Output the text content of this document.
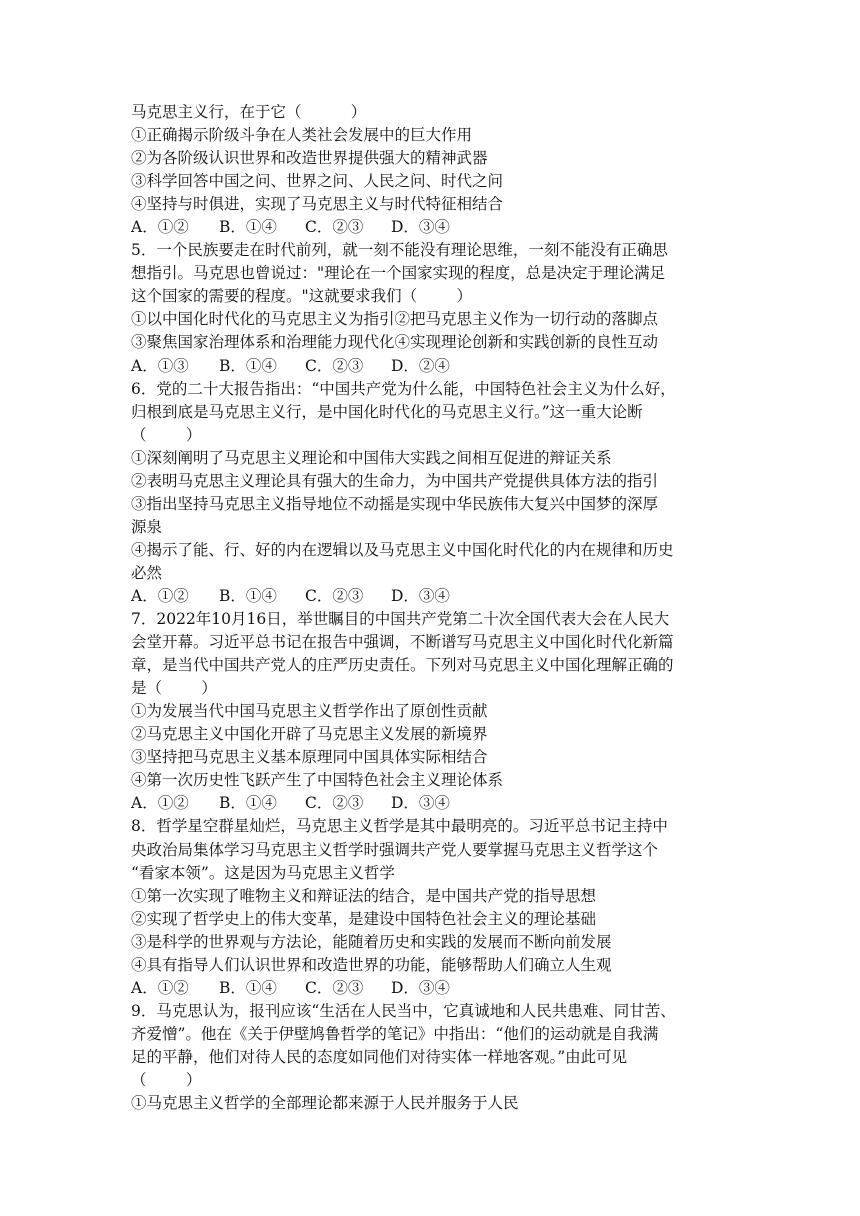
马克思主义行，在于它（          ）
①正确揭示阶级斗争在人类社会发展中的巨大作用
②为各阶级认识世界和改造世界提供强大的精神武器
③科学回答中国之问、世界之问、人民之问、时代之问
④坚持与时俱进，实现了马克思主义与时代特征相结合
A．①② B．①④ C．②③ D．③④
5．一个民族要走在时代前列，就一刻不能没有理论思维，一刻不能没有正确思
想指引。马克思也曾说过："理论在一个国家实现的程度，总是决定于理论满足
这个国家的需要的程度。"这就要求我们（        ）
①以中国化时代化的马克思主义为指引②把马克思主义作为一切行动的落脚点
③聚焦国家治理体系和治理能力现代化④实现理论创新和实践创新的良性互动
A．①③ B．①④ C．②③ D．②④
6．党的二十大报告指出：“中国共产党为什么能，中国特色社会主义为什么好，
归根到底是马克思主义行，是中国化时代化的马克思主义行。”这一重大论断
（        ）
①深刻阐明了马克思主义理论和中国伟大实践之间相互促进的辩证关系
②表明马克思主义理论具有强大的生命力，为中国共产党提供具体方法的指引
③指出坚持马克思主义指导地位不动摇是实现中华民族伟大复兴中国梦的深厚
源泉
④揭示了能、行、好的内在逻辑以及马克思主义中国化时代化的内在规律和历史
必然
A．①② B．①④ C．②③ D．③④
7．2022年10月16日，举世瞩目的中国共产党第二十次全国代表大会在人民大
会堂开幕。习近平总书记在报告中强调，不断谱写马克思主义中国化时代化新篇
章，是当代中国共产党人的庄严历史责任。下列对马克思主义中国化理解正确的
是（        ）
①为发展当代中国马克思主义哲学作出了原创性贡献
②马克思主义中国化开辟了马克思主义发展的新境界
③坚持把马克思主义基本原理同中国具体实际相结合
④第一次历史性飞跃产生了中国特色社会主义理论体系
A．①② B．①④ C．②③ D．③④
8．哲学星空群星灿烂，马克思主义哲学是其中最明亮的。习近平总书记主持中
央政治局集体学习马克思主义哲学时强调共产党人要掌握马克思主义哲学这个
“看家本领”。这是因为马克思主义哲学
①第一次实现了唯物主义和辩证法的结合，是中国共产党的指导思想
②实现了哲学史上的伟大变革，是建设中国特色社会主义的理论基础
③是科学的世界观与方法论，能随着历史和实践的发展而不断向前发展
④具有指导人们认识世界和改造世界的功能，能够帮助人们确立人生观
A．①② B．①④ C．②③ D．③④
9．马克思认为，报刊应该“生活在人民当中，它真诚地和人民共患难、同甘苦、
齐爱憎”。他在《关于伊壁鸠鲁哲学的笔记》中指出：“他们的运动就是自我满
足的平静，他们对待人民的态度如同他们对待实体一样地客观。”由此可见
（        ）
①马克思主义哲学的全部理论都来源于人民并服务于人民
